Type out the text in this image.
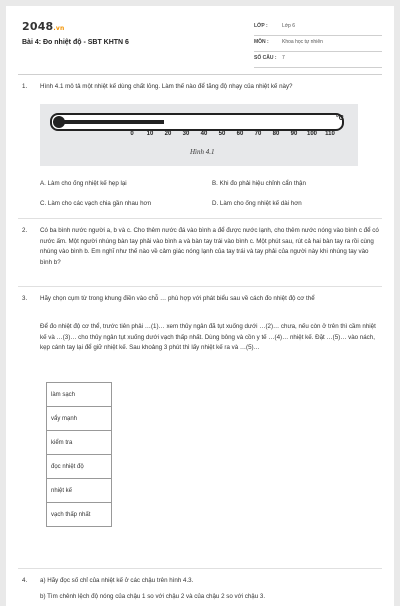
2048.vn
Bài 4: Đo nhiệt độ - SBT KHTN 6
LỚP :	Lớp 6
MÔN :	Khoa học tự nhiên
SỐ CÂU : 7
1. Hình 4.1 mô tả một nhiệt kế dùng chất lỏng. Làm thế nào để tăng độ nhạy của nhiệt kế này?
0 10 20 30 40 50 60 70 80 90 100 110
°C
Hình 4.1
A. Làm cho ống nhiệt kế hẹp lại	B. Khi đo phải hiệu chỉnh cẩn thận
C. Làm cho các vạch chia gần nhau hơn	D. Làm cho ống nhiệt kế dài hơn
2. Có ba bình nước người a, b và c. Cho thêm nước đá vào bình a để được nước lạnh, cho thêm nước nóng vào bình c để có nước ấm. Một người nhúng bàn tay phải vào bình a và bàn tay trái vào bình c. Một phút sau, rút cả hai bàn tay ra rồi cùng nhúng vào bình b. Em nghĩ như thế nào về cảm giác nóng lạnh của tay trái và tay phải của người này khi nhúng tay vào bình b?
3. Hãy chọn cụm từ trong khung điền vào chỗ … phù hợp với phát biểu sau về cách đo nhiệt độ cơ thể
Để đo nhiệt độ cơ thể, trước tiên phải …(1)… xem thủy ngân đã tụt xuống dưới …(2)… chưa, nếu còn ở trên thì cầm nhiệt kế và …(3)… cho thủy ngân tụt xuống dưới vạch thấp nhất. Dùng bông và cồn y tế …(4)… nhiệt kế. Đặt …(5)… vào nách, kẹp cánh tay lại để giữ nhiệt kế. Sau khoảng 3 phút thì lấy nhiệt kế ra và …(5)…
làm sạch
vẩy mạnh
kiểm tra
đọc nhiệt độ
nhiệt kế
vạch thấp nhất
4. a) Hãy đọc số chỉ của nhiệt kế ở các chậu trên hình 4.3.
b) Tìm chênh lệch độ nóng của chậu 1 so với chậu 2 và của chậu 2 so với chậu 3.
